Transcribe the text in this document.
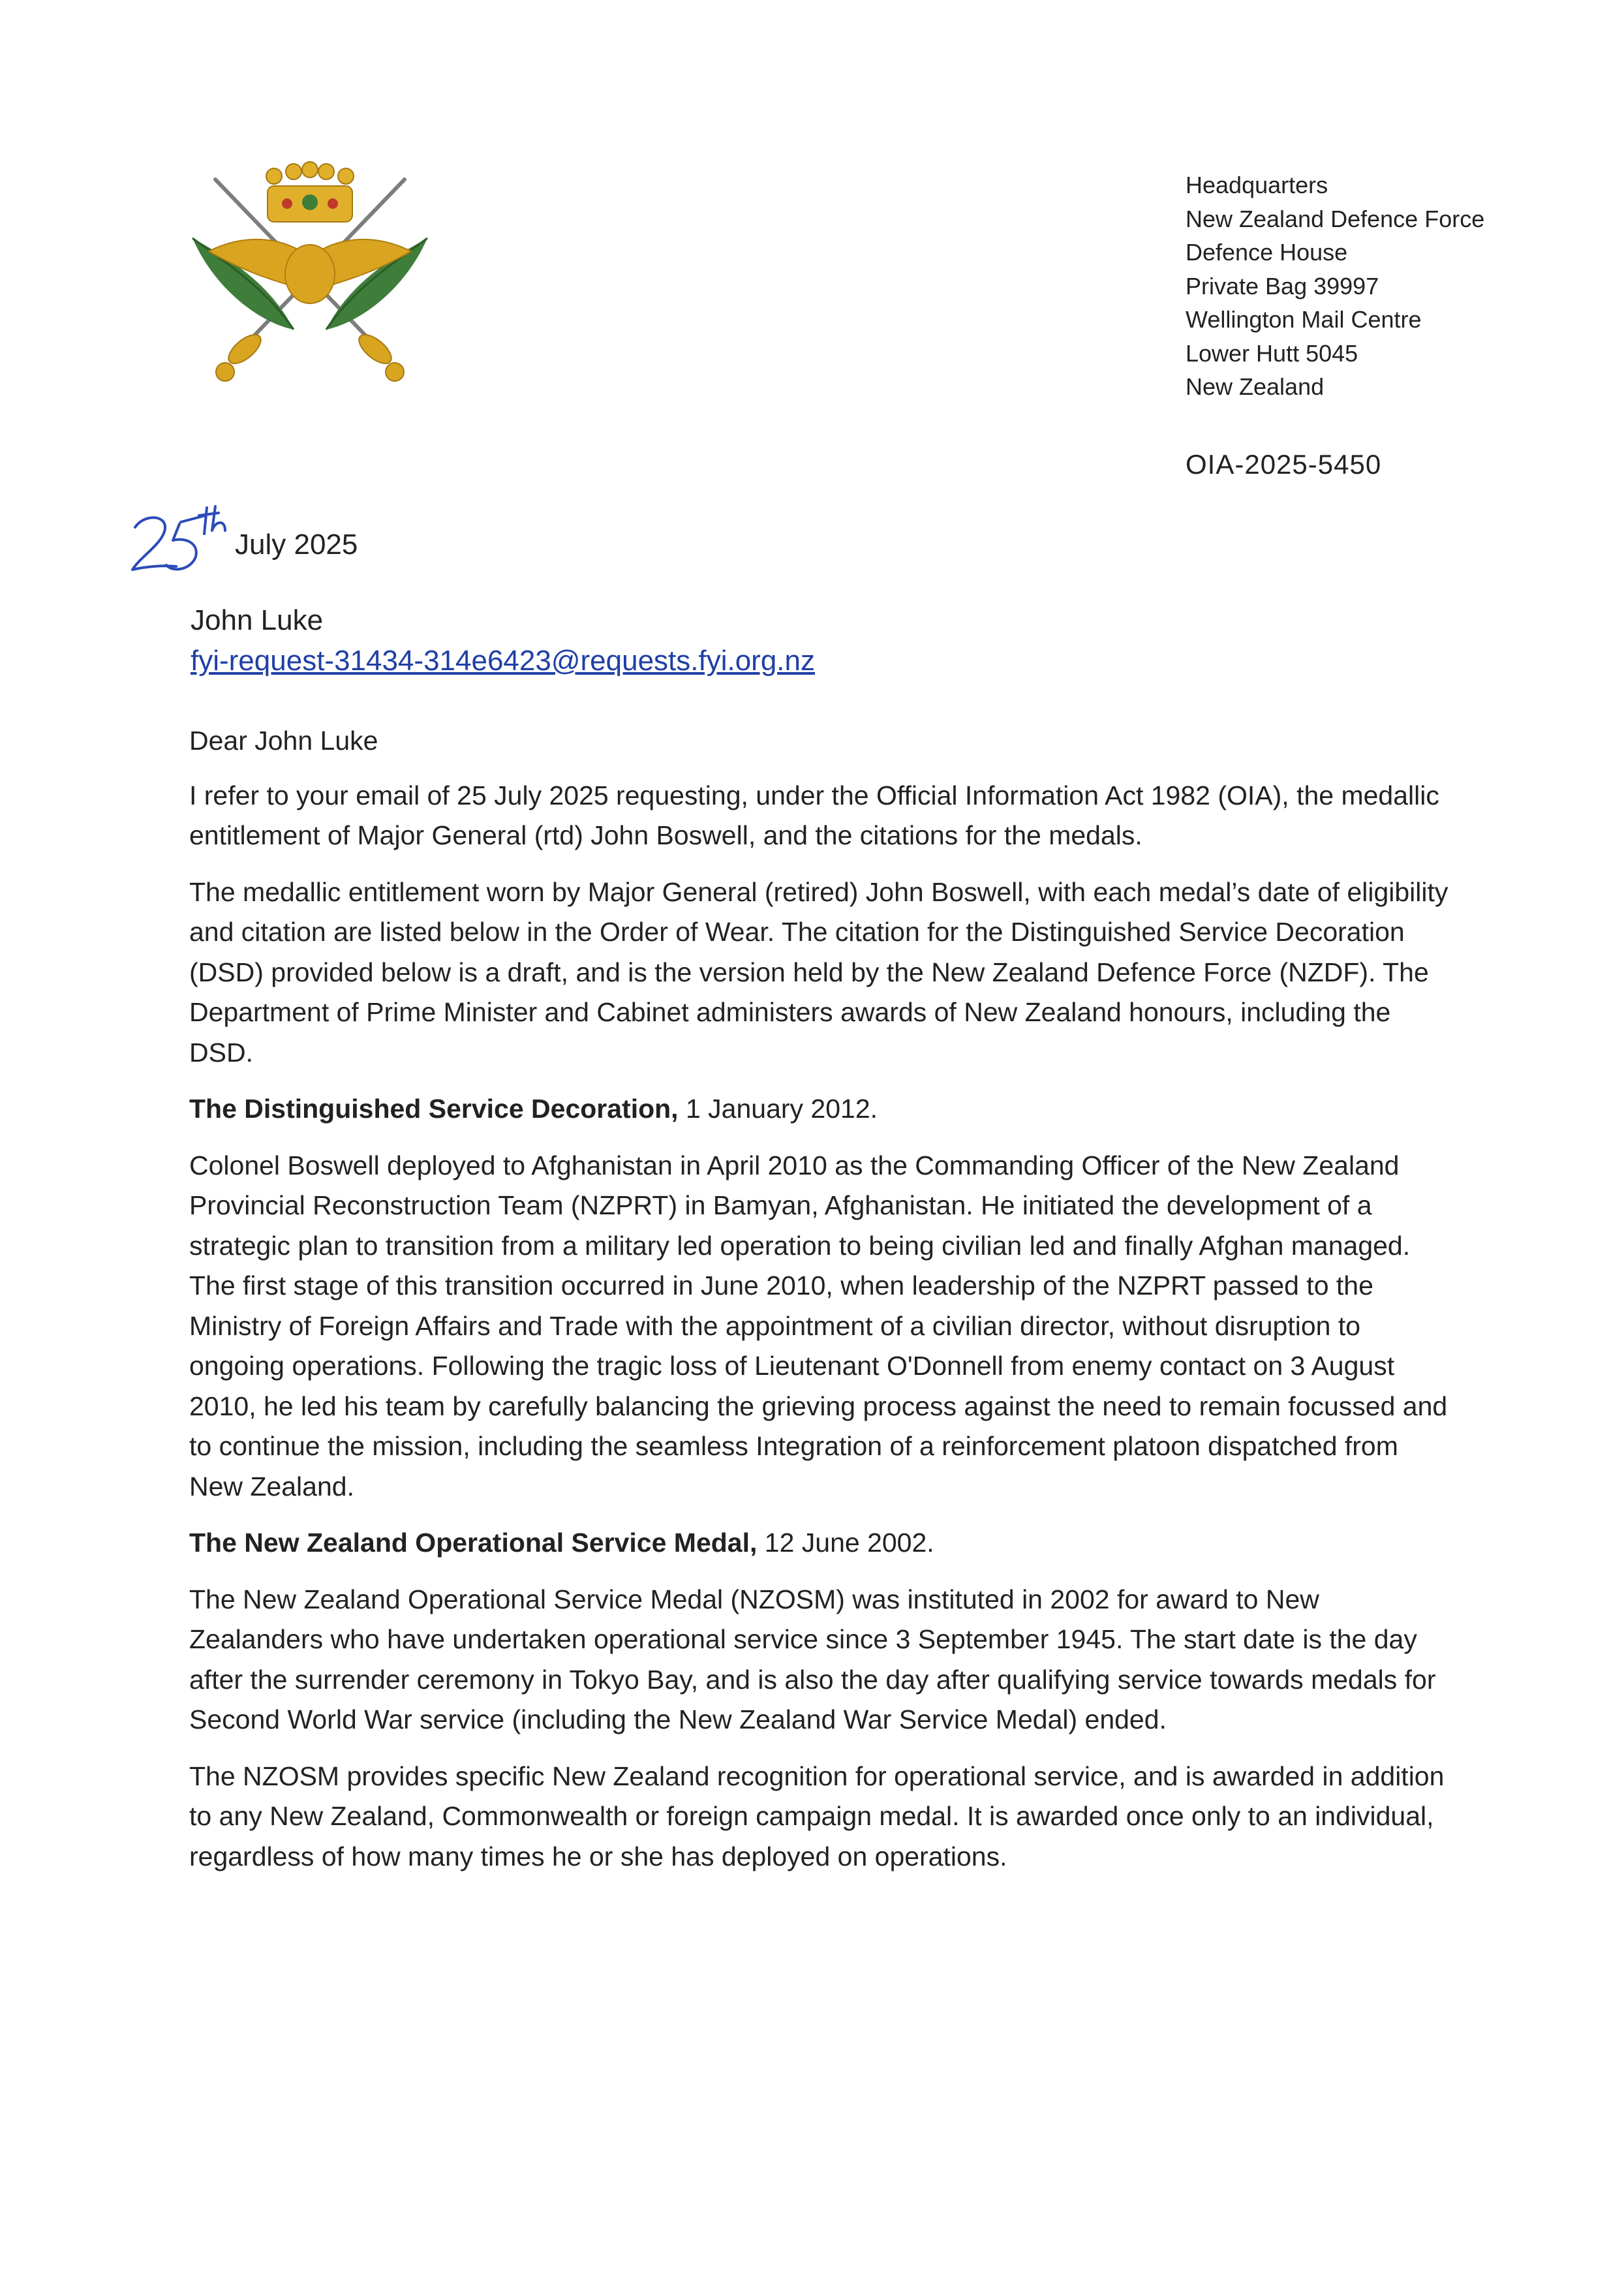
Headquarters
New Zealand Defence Force
Defence House
Private Bag 39997
Wellington Mail Centre
Lower Hutt 5045
New Zealand
OIA-2025-5450
July 2025
John Luke
fyi-request-31434-314e6423@requests.fyi.org.nz

Dear John Luke

I refer to your email of 25 July 2025 requesting, under the Official Information Act 1982 (OIA), the medallic entitlement of Major General (rtd) John Boswell, and the citations for the medals.

The medallic entitlement worn by Major General (retired) John Boswell, with each medal’s date of eligibility and citation are listed below in the Order of Wear. The citation for the Distinguished Service Decoration (DSD) provided below is a draft, and is the version held by the New Zealand Defence Force (NZDF). The Department of Prime Minister and Cabinet administers awards of New Zealand honours, including the DSD.

The Distinguished Service Decoration, 1 January 2012.

Colonel Boswell deployed to Afghanistan in April 2010 as the Commanding Officer of the New Zealand Provincial Reconstruction Team (NZPRT) in Bamyan, Afghanistan. He initiated the development of a strategic plan to transition from a military led operation to being civilian led and finally Afghan managed. The first stage of this transition occurred in June 2010, when leadership of the NZPRT passed to the Ministry of Foreign Affairs and Trade with the appointment of a civilian director, without disruption to ongoing operations. Following the tragic loss of Lieutenant O'Donnell from enemy contact on 3 August 2010, he led his team by carefully balancing the grieving process against the need to remain focussed and to continue the mission, including the seamless Integration of a reinforcement platoon dispatched from New Zealand.

The New Zealand Operational Service Medal, 12 June 2002.

The New Zealand Operational Service Medal (NZOSM) was instituted in 2002 for award to New Zealanders who have undertaken operational service since 3 September 1945. The start date is the day after the surrender ceremony in Tokyo Bay, and is also the day after qualifying service towards medals for Second World War service (including the New Zealand War Service Medal) ended.

The NZOSM provides specific New Zealand recognition for operational service, and is awarded in addition to any New Zealand, Commonwealth or foreign campaign medal. It is awarded once only to an individual, regardless of how many times he or she has deployed on operations.
